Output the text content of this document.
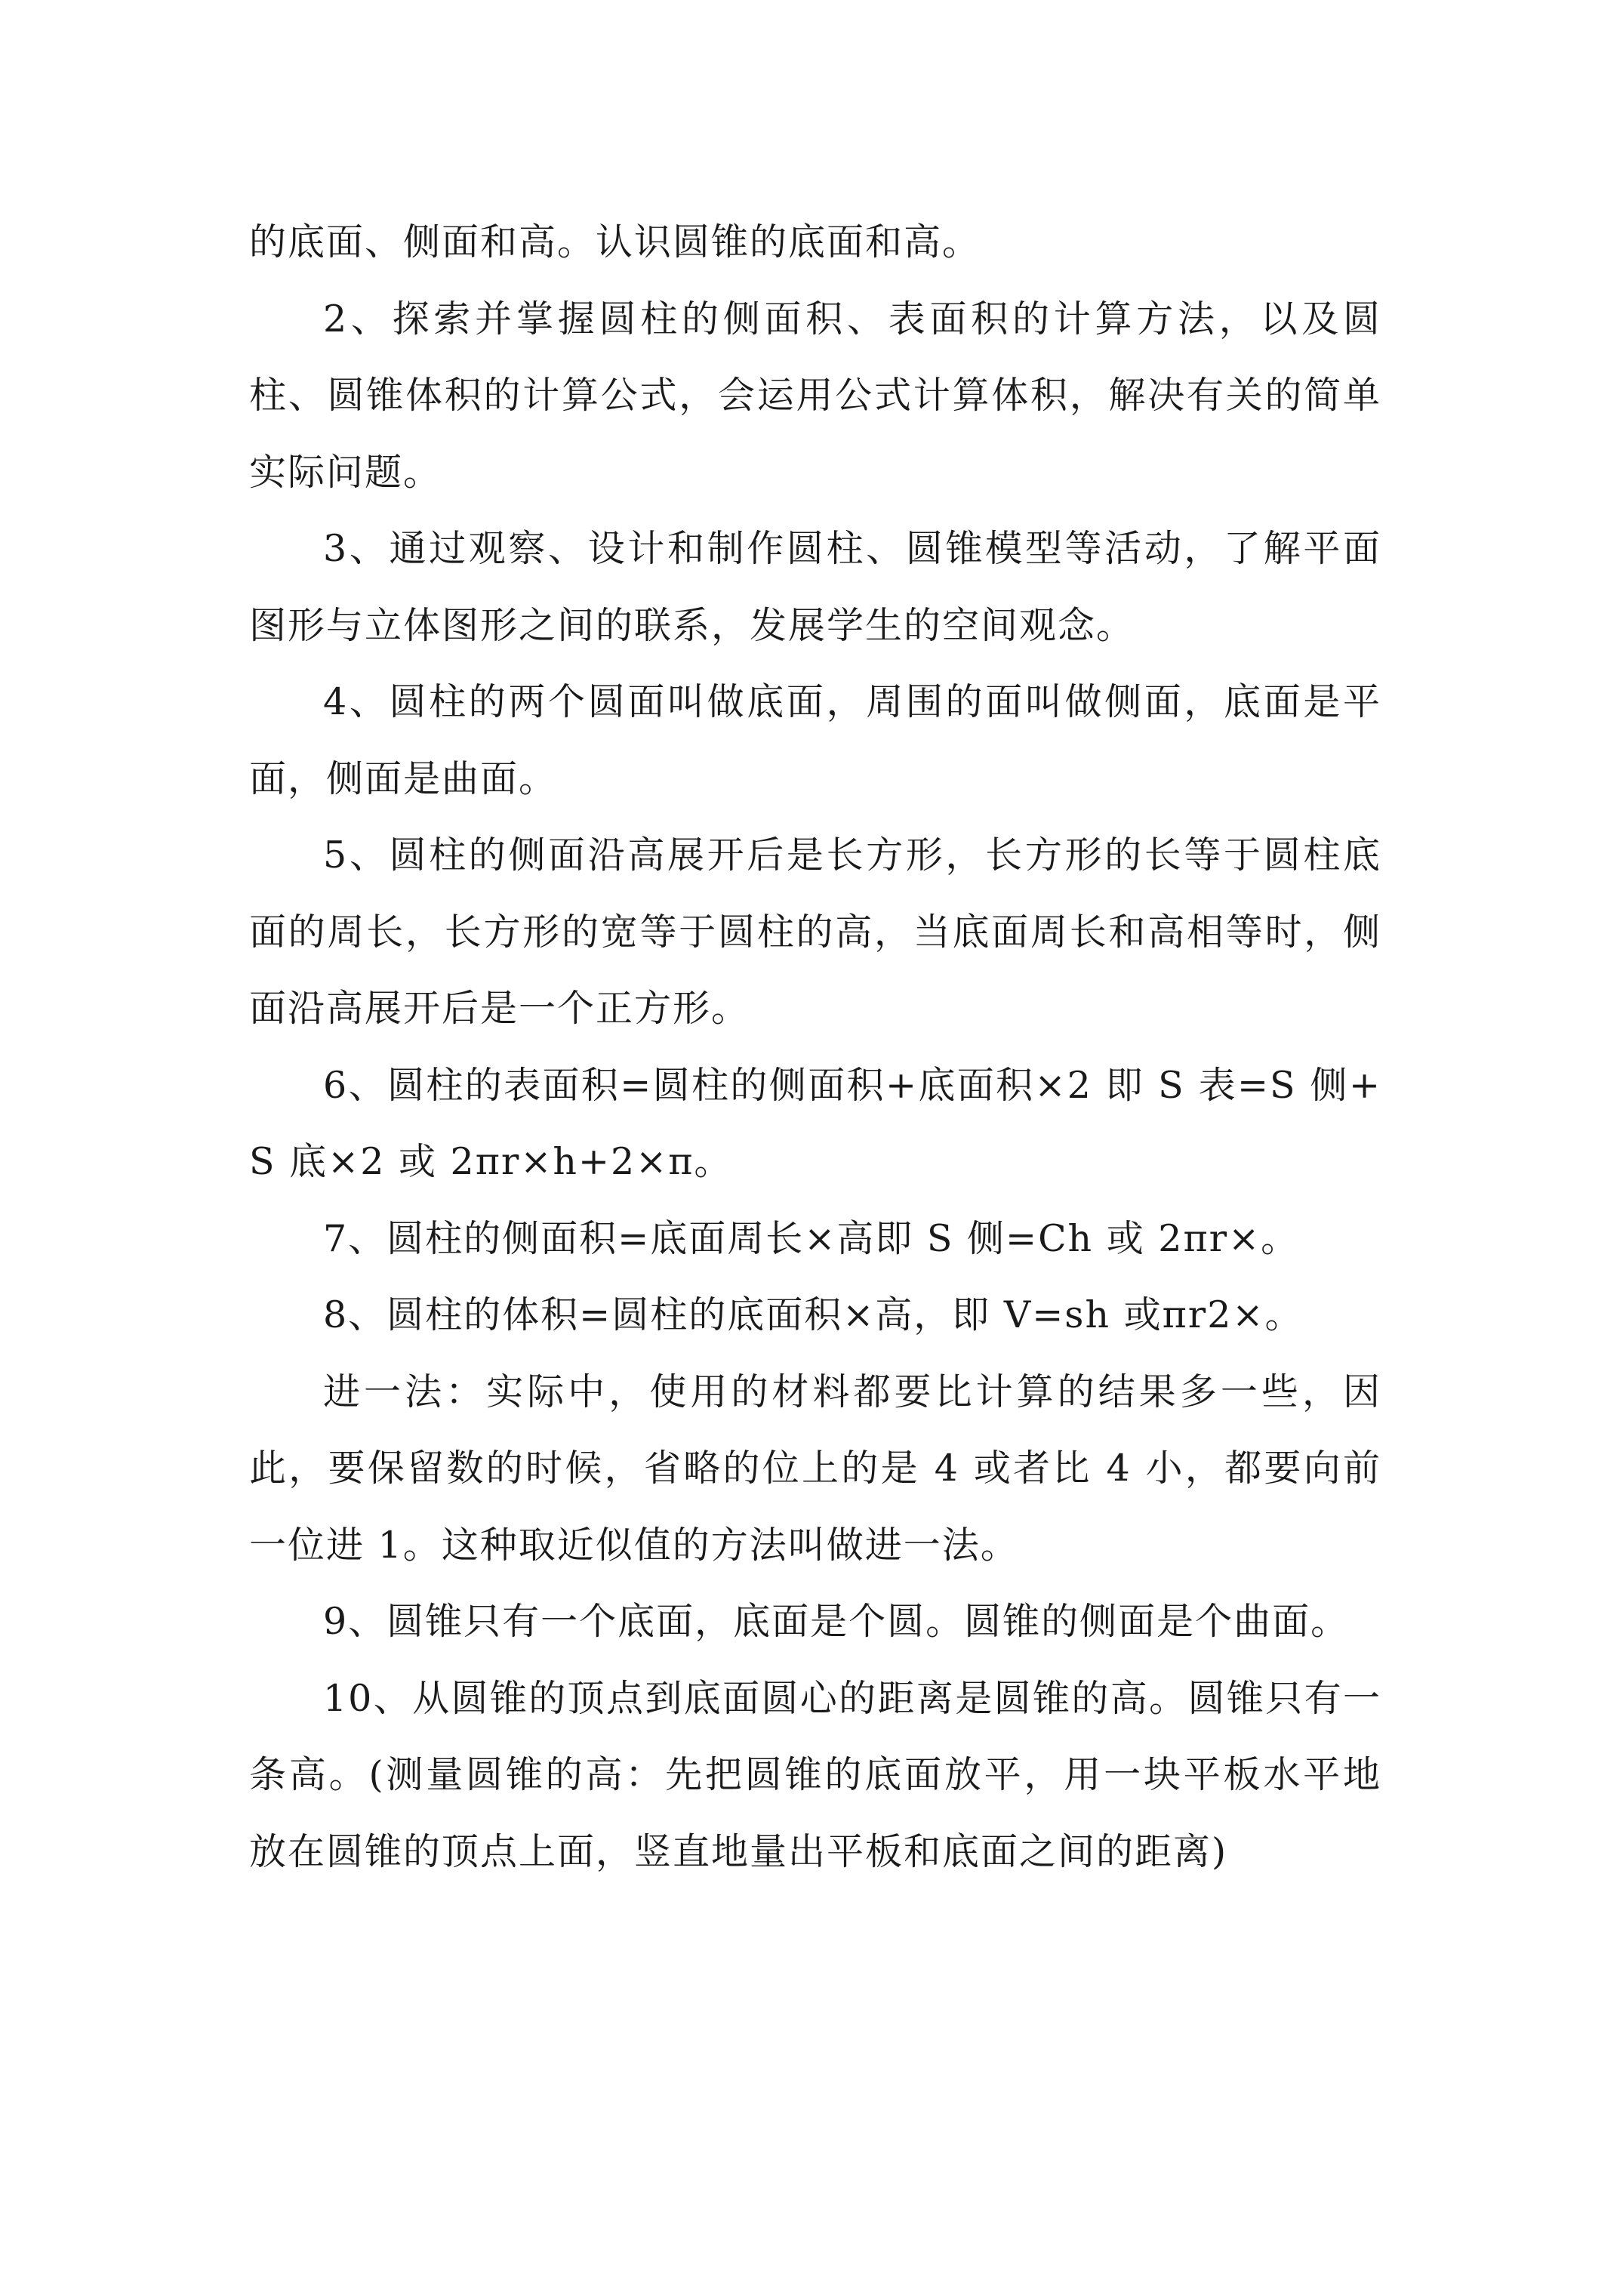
的底面、侧面和高。认识圆锥的底面和高。

2、探索并掌握圆柱的侧面积、表面积的计算方法，以及圆柱、圆锥体积的计算公式，会运用公式计算体积，解决有关的简单实际问题。

3、通过观察、设计和制作圆柱、圆锥模型等活动，了解平面图形与立体图形之间的联系，发展学生的空间观念。

4、圆柱的两个圆面叫做底面，周围的面叫做侧面，底面是平面，侧面是曲面。

5、圆柱的侧面沿高展开后是长方形，长方形的长等于圆柱底面的周长，长方形的宽等于圆柱的高，当底面周长和高相等时，侧面沿高展开后是一个正方形。

6、圆柱的表面积=圆柱的侧面积+底面积×2 即 S 表=S 侧+S 底×2 或 2πr×h+2×π。

7、圆柱的侧面积=底面周长×高即 S 侧=Ch 或 2πr×。

8、圆柱的体积=圆柱的底面积×高，即 V=sh 或πr2×。

进一法：实际中，使用的材料都要比计算的结果多一些，因此，要保留数的时候，省略的位上的是 4 或者比 4 小，都要向前一位进 1。这种取近似值的方法叫做进一法。

9、圆锥只有一个底面，底面是个圆。圆锥的侧面是个曲面。

10、从圆锥的顶点到底面圆心的距离是圆锥的高。圆锥只有一条高。(测量圆锥的高：先把圆锥的底面放平，用一块平板水平地放在圆锥的顶点上面，竖直地量出平板和底面之间的距离)
